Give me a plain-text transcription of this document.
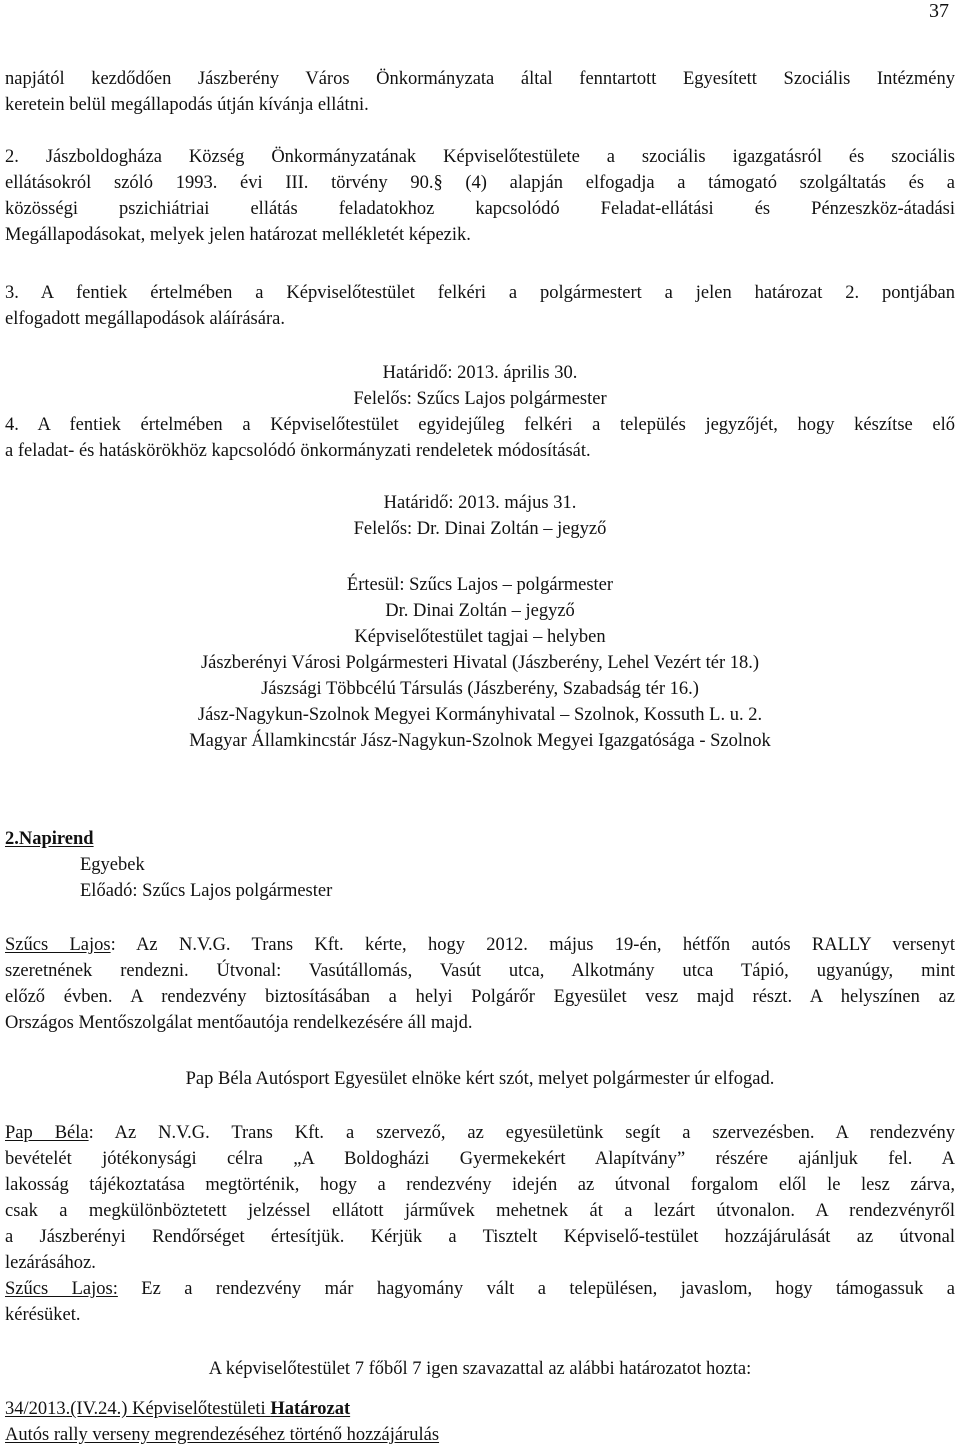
37
napjától kezdődően Jászberény Város Önkormányzata által fenntartott Egyesített Szociális Intézmény
keretein belül megállapodás útján kívánja ellátni.
2. Jászboldogháza Község Önkormányzatának Képviselőtestülete a szociális igazgatásról és szociális
ellátásokról szóló 1993. évi III. törvény 90.§ (4) alapján elfogadja a támogató szolgáltatás és a
közösségi pszichiátriai ellátás feladatokhoz kapcsolódó Feladat-ellátási és Pénzeszköz-átadási
Megállapodásokat, melyek jelen határozat mellékletét képezik.
3. A fentiek értelmében a Képviselőtestület felkéri a polgármestert a jelen határozat 2. pontjában
elfogadott megállapodások aláírására.
Határidő: 2013. április 30.
Felelős: Szűcs Lajos polgármester
4. A fentiek értelmében a Képviselőtestület egyidejűleg felkéri a település jegyzőjét, hogy készítse elő
a feladat- és hatáskörökhöz kapcsolódó önkormányzati rendeletek módosítását.
Határidő: 2013. május 31.
Felelős: Dr. Dinai Zoltán – jegyző
Értesül: Szűcs Lajos – polgármester
Dr. Dinai Zoltán – jegyző
Képviselőtestület tagjai – helyben
Jászberényi Városi Polgármesteri Hivatal (Jászberény, Lehel Vezért tér 18.)
Jászsági Többcélú Társulás (Jászberény, Szabadság tér 16.)
Jász-Nagykun-Szolnok Megyei Kormányhivatal – Szolnok, Kossuth L. u. 2.
Magyar Államkincstár Jász-Nagykun-Szolnok Megyei Igazgatósága - Szolnok
2.Napirend
Egyebek
Előadó: Szűcs Lajos polgármester
Szűcs Lajos: Az N.V.G. Trans Kft. kérte, hogy 2012. május 19-én, hétfőn autós RALLY versenyt
szeretnének rendezni. Útvonal: Vasútállomás, Vasút utca, Alkotmány utca Tápió, ugyanúgy, mint
előző évben. A rendezvény biztosításában a helyi Polgárőr Egyesület vesz majd részt. A helyszínen az
Országos Mentőszolgálat mentőautója rendelkezésére áll majd.
Pap Béla Autósport Egyesület elnöke kért szót, melyet polgármester úr elfogad.
Pap Béla: Az N.V.G. Trans Kft. a szervező, az egyesületünk segít a szervezésben. A rendezvény
bevételét jótékonysági célra „A Boldogházi Gyermekekért Alapítvány” részére ajánljuk fel. A
lakosság tájékoztatása megtörténik, hogy a rendezvény idején az útvonal forgalom elől le lesz zárva,
csak a megkülönböztetett jelzéssel ellátott járművek mehetnek át a lezárt útvonalon. A rendezvényről
a Jászberényi Rendőrséget értesítjük. Kérjük a Tisztelt Képviselő-testület hozzájárulását az útvonal
lezárásához.
Szűcs Lajos: Ez a rendezvény már hagyomány vált a településen, javaslom, hogy támogassuk a
kérésüket.
A képviselőtestület 7 főből 7 igen szavazattal az alábbi határozatot hozta:
34/2013.(IV.24.) Képviselőtestületi Határozat
Autós rally verseny megrendezéséhez történő hozzájárulás
